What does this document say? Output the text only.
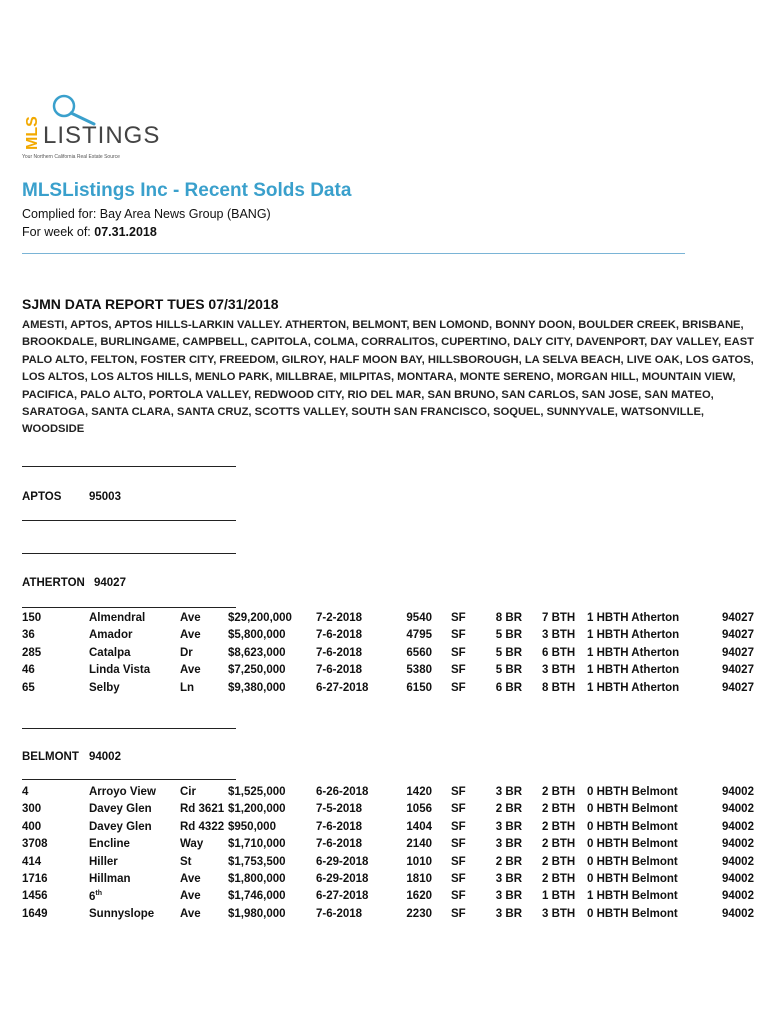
MLS LISTINGS
Your Northern California Real Estate Source
MLSListings Inc - Recent Solds Data
Complied for: Bay Area News Group (BANG)
For week of: 07.31.2018
SJMN DATA REPORT TUES 07/31/2018
AMESTI, APTOS, APTOS HILLS-LARKIN VALLEY. ATHERTON, BELMONT, BEN LOMOND, BONNY DOON, BOULDER CREEK, BRISBANE, BROOKDALE, BURLINGAME, CAMPBELL, CAPITOLA, COLMA, CORRALITOS, CUPERTINO, DALY CITY, DAVENPORT, DAY VALLEY, EAST PALO ALTO, FELTON, FOSTER CITY, FREEDOM, GILROY, HALF MOON BAY, HILLSBOROUGH, LA SELVA BEACH, LIVE OAK, LOS GATOS, LOS ALTOS, LOS ALTOS HILLS, MENLO PARK, MILLBRAE, MILPITAS, MONTARA, MONTE SERENO, MORGAN HILL, MOUNTAIN VIEW, PACIFICA, PALO ALTO, PORTOLA VALLEY, REDWOOD CITY, RIO DEL MAR, SAN BRUNO, SAN CARLOS, SAN JOSE, SAN MATEO, SARATOGA, SANTA CLARA, SANTA CRUZ, SCOTTS VALLEY, SOUTH SAN FRANCISCO, SOQUEL, SUNNYVALE, WATSONVILLE, WOODSIDE
APTOS 95003
ATHERTON 94027
150	Almendral	Ave $29,200,000 7-2-2018	9540 SF	8 BR 7 BTH 1 HBTH Atherton	94027
36	Amador	Ave $5,800,000	7-6-2018	4795 SF	5 BR 3 BTH 1 HBTH Atherton	94027
285	Catalpa	Dr	$8,623,000	7-6-2018	6560 SF	5 BR 6 BTH 1 HBTH Atherton	94027
46	Linda Vista	Ave $7,250,000	7-6-2018	5380 SF	5 BR 3 BTH 1 HBTH Atherton	94027
65	Selby	Ln	$9,380,000	6-27-2018	6150 SF	6 BR 8 BTH 1 HBTH Atherton	94027
BELMONT 94002
4	Arroyo View Cir	$1,525,000	6-26-2018	1420 SF	3 BR 2 BTH 0 HBTH Belmont	94002
300	Davey Glen Rd 3621 $1,200,000	7-5-2018	1056 SF	2 BR 2 BTH 0 HBTH Belmont	94002
400	Davey Glen Rd 4322 $950,000	7-6-2018	1404 SF	3 BR 2 BTH 0 HBTH Belmont	94002
3708	Encline	Way $1,710,000	7-6-2018	2140 SF	3 BR 2 BTH 0 HBTH Belmont	94002
414	Hiller	St	$1,753,500	6-29-2018	1010 SF	2 BR 2 BTH 0 HBTH Belmont	94002
1716	Hillman	Ave $1,800,000	6-29-2018	1810 SF	3 BR 2 BTH 0 HBTH Belmont	94002
1456	6th	Ave $1,746,000	6-27-2018	1620 SF	3 BR 1 BTH 1 HBTH Belmont	94002
1649	Sunnyslope Ave $1,980,000	7-6-2018	2230 SF	3 BR 3 BTH 0 HBTH Belmont	94002
